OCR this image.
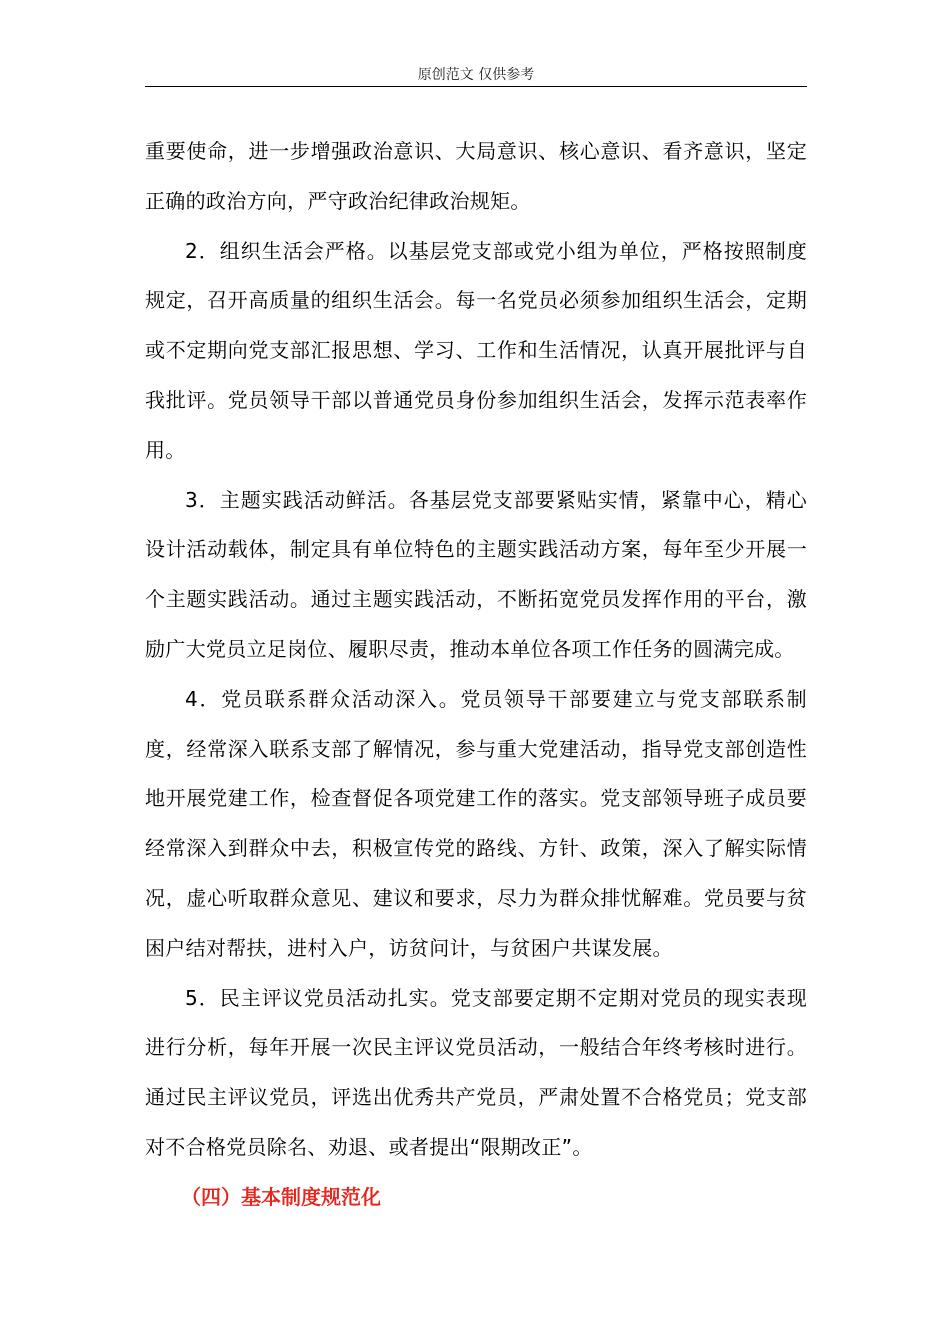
原创范文 仅供参考

重要使命，进一步增强政治意识、大局意识、核心意识、看齐意识，坚定正确的政治方向，严守政治纪律政治规矩。

2．组织生活会严格。以基层党支部或党小组为单位，严格按照制度规定，召开高质量的组织生活会。每一名党员必须参加组织生活会，定期或不定期向党支部汇报思想、学习、工作和生活情况，认真开展批评与自我批评。党员领导干部以普通党员身份参加组织生活会，发挥示范表率作用。

3．主题实践活动鲜活。各基层党支部要紧贴实情，紧靠中心，精心设计活动载体，制定具有单位特色的主题实践活动方案，每年至少开展一个主题实践活动。通过主题实践活动，不断拓宽党员发挥作用的平台，激励广大党员立足岗位、履职尽责，推动本单位各项工作任务的圆满完成。

4．党员联系群众活动深入。党员领导干部要建立与党支部联系制度，经常深入联系支部了解情况，参与重大党建活动，指导党支部创造性地开展党建工作，检查督促各项党建工作的落实。党支部领导班子成员要经常深入到群众中去，积极宣传党的路线、方针、政策，深入了解实际情况，虚心听取群众意见、建议和要求，尽力为群众排忧解难。党员要与贫困户结对帮扶，进村入户，访贫问计，与贫困户共谋发展。

5．民主评议党员活动扎实。党支部要定期不定期对党员的现实表现进行分析，每年开展一次民主评议党员活动，一般结合年终考核时进行。通过民主评议党员，评选出优秀共产党员，严肃处置不合格党员；党支部对不合格党员除名、劝退、或者提出“限期改正”。

（四）基本制度规范化
